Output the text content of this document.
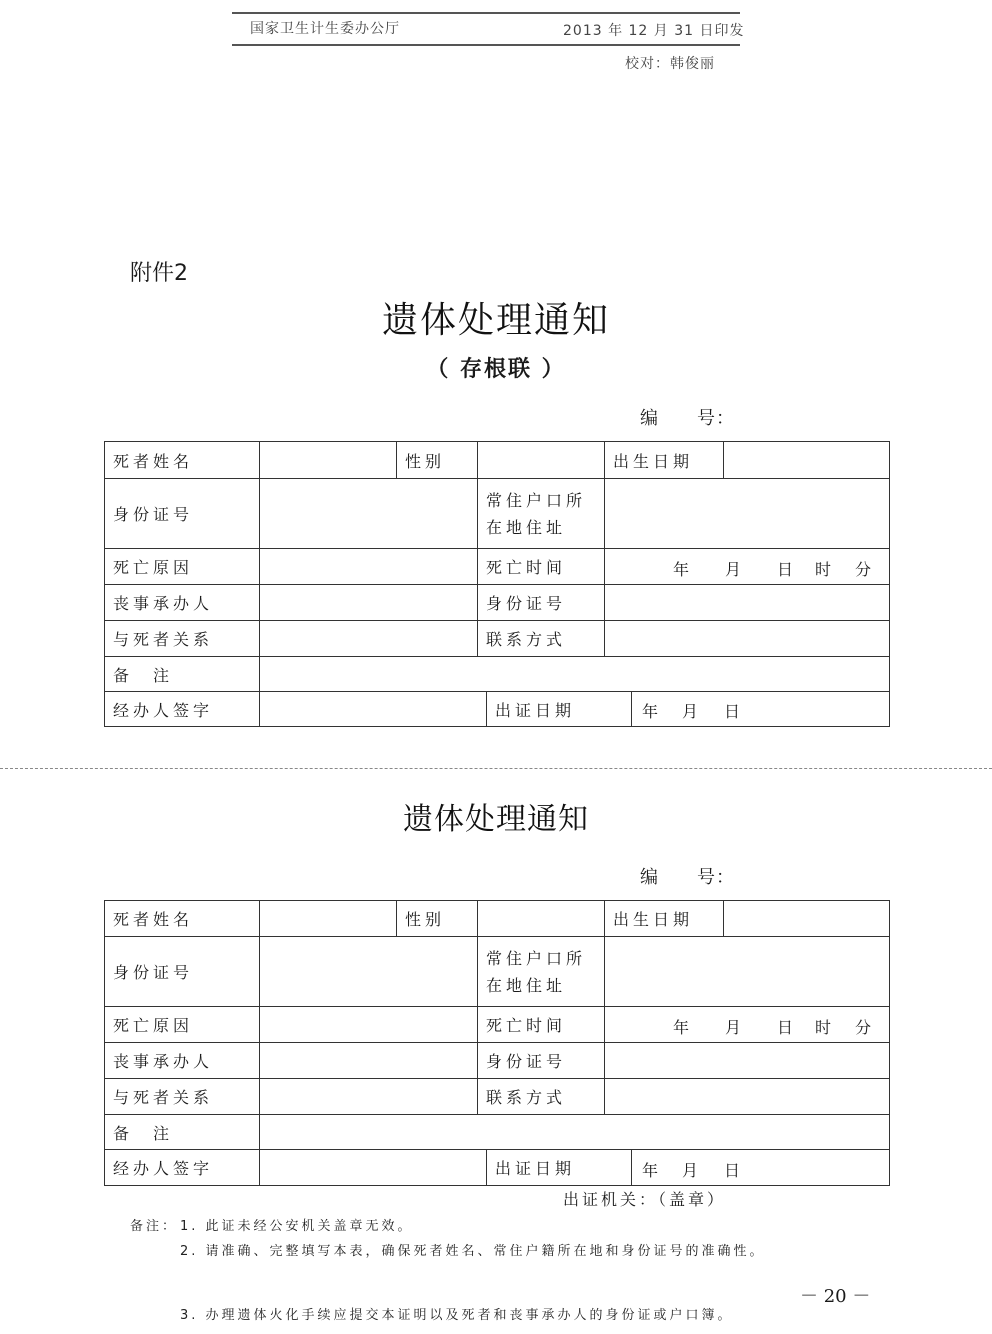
国家卫生计生委办公厅	2013 年 12 月 31 日印发
校对：韩俊丽
附件2
遗体处理通知
（ 存根联 ）
编　　号：
死者姓名		性别			出生日期		
身份证号			常住户口所
在地住址				
死亡原因			死亡时间		年 月 日 时 分		

丧事承办人			身份证号				
与死者关系			联系方式				
备　注							
经办人签字				出证日期		年 月 日	
遗体处理通知
编　　号：
死者姓名		性别			出生日期		
身份证号			常住户口所
在地住址				
死亡原因			死亡时间		年 月 日 时 分		

丧事承办人			身份证号				
与死者关系			联系方式				
备　注							
经办人签字				出证日期		年 月 日	
出证机关：（盖章）
备注： 1. 此证未经公安机关盖章无效。
2. 请准确、完整填写本表，确保死者姓名、常住户籍所在地和身份证号的准确性。
－ 20 －
3. 办理遗体火化手续应提交本证明以及死者和丧事承办人的身份证或户口簿。
